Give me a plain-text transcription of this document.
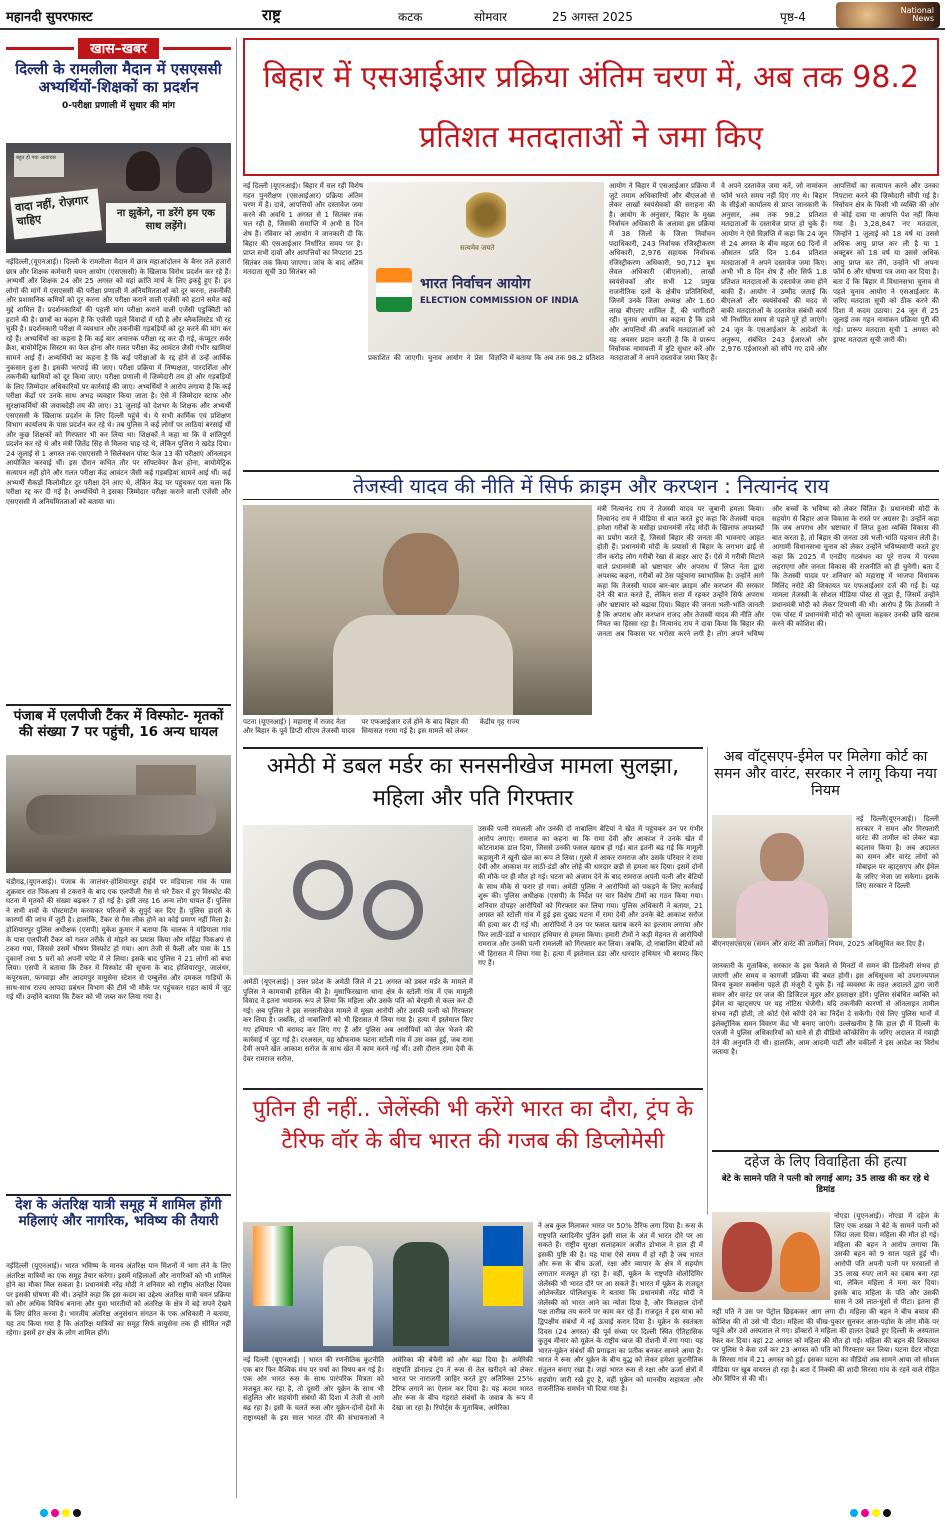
महानदी सुपरफास्ट	राष्ट्र	कटक	सोमवार	25 अगस्त 2025	पृष्ठ-4	National News
खास–खबर
दिल्ली के रामलीला मैदान में एसएससी अभ्यर्थियों-शिक्षकों का प्रदर्शन
0-परीक्षा प्रणाली में सुधार की मांग
बहुत हो गया अत्याचार
वादा नहीं, रोज़गार चाहिए	ना झुकेंगे, ना डरेंगे हम एक साथ लड़ेंगे।
नईदिल्ली,(यूएनआई)। दिल्ली के रामलीला मैदान में छात्र महाआंदोलन के बैनर तले हजारों छात्र और शिक्षक कर्मचारी चयन आयोग (एसएससी) के खिलाफ विरोध प्रदर्शन कर रहे हैं। अभ्यर्थी और शिक्षक 24 और 25 अगस्त को यहां क्रांति मार्च के लिए इकट्ठे हुए हैं। इन लोगों की मांगें में एसएससी की परीक्षा प्रणाली में अनियमितताओं को दूर करना, तकनीकी और प्रशासनिक कमियों को दूर करना और परीक्षा कराने वाली एजेंसी को हटाने समेत कई मुद्दे शामिल हैं। प्रदर्शनकारियों की पहली मांग परीक्षा कराने वाली एजेंसी एडुक्विटी को हटाने की है। छात्रों का कहना है कि एजेंसी पहले विवादों में रही है और ब्लैकलिस्टेड भी रह चुकी है। प्रदर्शनकारी परीक्षा में व्यवधान और तकनीकी गड़बड़ियों को दूर करने की मांग कर रहे हैं। अभ्यर्थियों का कहना है कि कई बार अचानक परीक्षा रद्द कर दी गई, कंप्यूटर सर्वर क्रैश, बायोमेट्रिक सिस्टम का फेल होना और गलत परीक्षा केंद्र आवंटन जैसी गंभीर खामियां सामने आई हैं। अभ्यर्थियों का कहना है कि कई परीक्षाओं के रद्द होने से उन्हें आर्थिक नुकसान हुआ है। इसकी भरपाई की जाए। परीक्षा प्रक्रिया में निष्पक्षता, पारदर्शिता और तकनीकी खामियों को दूर किया जाए। परीक्षा प्रणाली में जिम्मेदारी तय हो और गड़बड़ियों के लिए जिम्मेदार अधिकारियों पर कार्रवाई की जाए। अभ्यर्थियों ने आरोप लगाया है कि कई परीक्षा केंद्रों पर उनके साथ अभद्र व्यवहार किया जाता है। ऐसे में जिम्मेदार स्टाफ और सुरक्षाकर्मियों की जवाबदेही तय की जाए। 31 जुलाई को देशभर के शिक्षक और अभ्यर्थी एसएससी के खिलाफ प्रदर्शन के लिए दिल्ली पहुंचे थे। ये सभी कार्मिक एवं प्रशिक्षण विभाग कार्यालय के पास प्रदर्शन कर रहे थे। तब पुलिस ने कई लोगों पर लाठियां बरसाई थीं और कुछ शिक्षकों को गिरफ्तार भी कर लिया था। शिक्षकों ने कहा था कि वे शांतिपूर्ण प्रदर्शन कर रहे थे और मंत्री जितेंद्र सिंह से मिलना चाह रहे थे, लेकिन पुलिस ने खदेड़ दिया। 24 जुलाई से 1 अगस्त तक एसएससी ने सिलेक्शन पोस्ट फेज 13 की परीक्षाएं ऑनलाइन आयोजित करवाई थीं। इस दौरान कथित तौर पर सॉफ्टवेयर क्रैश होना, बायोमेट्रिक सत्यापन नहीं होने और गलत परीक्षा केंद्र आवंटन जैसी कई गड़बड़ियां सामने आई थीं। कई अभ्यर्थी सैकड़ों किलोमीटर दूर परीक्षा देने आए थे, लेकिन केंद्र पर पहुंचकर पता चला कि परीक्षा रद्द कर दी गई है। अभ्यर्थियों ने इसका जिम्मेदार परीक्षा कराने वाली एजेंसी और एसएससी में अनियमितताओं को बताया था।
पंजाब में एलपीजी टैंकर में विस्फोट- मृतकों की संख्या 7 पर पहुंची, 16 अन्य घायल
चंडीगढ़,(यूएनआई)। पंजाब के जालंधर-होशियारपुर हाईवे पर मंडियाला गांव के पास शुक्रवार रात पिकअप से टकराने के बाद एक एलपीजी गैस से भरे टैंकर में हुए विस्फोट की घटना में मृतकों की संख्या बढ़कर 7 हो गई है। इसी तरह 16 अन्य लोग घायल हैं। पुलिस ने सभी शवों के पोस्टमार्टम करवाकर परिजनों के सुपुर्द कर दिए हैं। पुलिस हादसे के कारणों की जांच में जुटी है। हालांकि, टैंकर से गैस लीक होने का कोई प्रमाण नहीं मिला है। होशियारपुर पुलिस अधीक्षक (एसपी) मुकेश कुमार ने बताया कि चालक ने मंडियाला गांव के पास एलपीजी टैंकर को गलत तरीके से मोड़ने का प्रयास किया और महिंद्रा पिकअप से टकरा गया, जिससे उसमें भीषण विस्फोट हो गया। आग तेजी से फैली और पास के 15 दुकानों तथा 5 घरों को अपनी चपेट में ले लिया। इसके बाद पुलिस ने 21 लोगों को बचा लिया। एसपी ने बताया कि टैंकर में विस्फोट की सूचना के बाद होशियारपुर, जालंधर, कपूरथला, फगवाड़ा और आदमपुर वायुसेना स्टेशन से एम्बुलेंस और दमकल गाड़ियों के साथ-साथ राज्य आपदा प्रबंधन विभाग की टीमें भी मौके पर पहुंचकर राहत कार्य में जुट गई थीं। उन्होंने बताया कि टैंकर को भी जब्त कर लिया गया है।
देश के अंतरिक्ष यात्री समूह में शामिल होंगी महिलाएं और नागरिक, भविष्य की तैयारी
नईदिल्ली (यूएनआई)। भारत भविष्य के मानव अंतरिक्ष यान मिशनों में भाग लेने के लिए अंतरिक्ष यात्रियों का एक समूह तैयार करेगा। इसमें महिलाओं और नागरिकों को भी शामिल होने का मौका मिल सकता है। प्रधानमंत्री नरेंद्र मोदी ने शनिवार को राष्ट्रीय अंतरिक्ष दिवस पर इसकी घोषणा की थी। उन्होंने कहा कि इस कदम का उद्देश्य अंतरिक्ष यात्री चयन प्रक्रिया को और अधिक विविध बनाना और युवा भारतीयों को अंतरिक्ष के क्षेत्र में बड़े सपने देखने के लिए प्रेरित करना है। भारतीय अंतरिक्ष अनुसंधान संगठन के एक अधिकारी ने बताया, यह तय किया गया है कि अंतरिक्ष यात्रियों का समूह सिर्फ वायुसेना तक ही सीमित नहीं रहेगा। इसमें हर क्षेत्र के लोग शामिल होंगे।
बिहार में एसआईआर प्रक्रिया अंतिम चरण में, अब तक 98.2 प्रतिशत मतदाताओं ने जमा किए
सत्यमेव जयते
भारत निर्वाचन आयोग
ELECTION COMMISSION OF INDIA
नई दिल्ली (यूएनआई)। बिहार में चल रही विशेष गहन पुनरीक्षण (एसआईआर) प्रक्रिया अंतिम चरण में है। दावे, आपत्तियों और दस्तावेज जमा करने की अवधि 1 अगस्त से 1 सितंबर तक चल रही है, जिसकी समाप्ति में अभी 8 दिन शेष हैं। रविवार को आयोग ने जानकारी दी कि बिहार की एसआईआर निर्धारित समय पर है। प्राप्त सभी दावों और आपत्तियों का निपटारा 25 सितंबर तक किया जाएगा। जांच के बाद अंतिम मतदाता सूची 30 सितंबर को
प्रकाशित की जाएगी। चुनाव आयोग ने प्रेस विज्ञप्ति में बताया कि अब तक 98.2 प्रतिशत मतदाताओं ने अपने दस्तावेज जमा किए हैं।
आयोग ने बिहार में एसआईआर प्रक्रिया में जुटे तमाम अधिकारियों और बीएलओ से लेकर लाखों स्वयंसेवकों की सराहना की है। आयोग के अनुसार, बिहार के मुख्य निर्वाचन अधिकारी के अलावा इस प्रक्रिया में 38 जिलों के जिला निर्वाचन पदाधिकारी, 243 निर्वाचक रजिस्ट्रीकरण अधिकारी, 2,976 सहायक निर्वाचक रजिस्ट्रीकरण अधिकारी, 90,712 बूथ लेवल अधिकारी (बीएलओ), लाखों स्वयंसेवकों और सभी 12 प्रमुख राजनीतिक दलों के क्षेत्रीय प्रतिनिधियों, जिनमें उनके जिला अध्यक्ष और 1.60 लाख बीएलए शामिल हैं, की भागीदारी रही। चुनाव आयोग का कहना है कि दावे और आपत्तियों की अवधि मतदाताओं को यह अवसर प्रदान करती है कि वे प्रारूप निर्वाचक नामावली में त्रुटि सुधार करें और वे अपने दस्तावेज जमा करें, जो नामांकन फॉर्म भरते समय नहीं दिए गए थे। बिहार के सीईओ कार्यालय से प्राप्त जानकारी के अनुसार, अब तक 98.2 प्रतिशत मतदाताओं के दस्तावेज प्राप्त हो चुके हैं। आयोग ने ऐसे विज्ञप्ति में कहा कि 24 जून से 24 अगस्त के बीच महज 60 दिनों में औसतन प्रति दिन 1.64 प्रतिशत मतदाताओं ने अपने दस्तावेज जमा किए। अभी भी 8 दिन शेष हैं और सिर्फ 1.8 प्रतिशत मतदाताओं के दस्तावेज जमा होने बाकी हैं। आयोग ने उम्मीद जताई कि बीएलओ और स्वयंसेवकों की मदद से बाकी मतदाताओं के दस्तावेज संबंधी कार्य भी निर्धारित समय से पहले पूरे हो जाएंगे। 24 जून के एसआईआर के आदेशों के अनुरूप, संबंधित 243 ईआरओ और 2,976 एईआरओ को सौंपे गए दावे और आपत्तियों का सत्यापन करने और उनका निपटारा करने की जिम्मेदारी सौंपी गई है। निर्वाचन क्षेत्र के किसी भी व्यक्ति की ओर से कोई दावा या आपत्ति पेश नहीं किया गया है। 3,28,847 नए मतदाता, जिन्होंने 1 जुलाई को 18 वर्ष या उससे अधिक आयु प्राप्त कर ली है या 1 अक्टूबर को 18 वर्ष या उससे अधिक आयु प्राप्त कर लेंगे, उन्होंने भी अपना फॉर्म 6 और घोषणा पत्र जमा कर दिया है। बता दें कि बिहार में विधानसभा चुनाव से पहले चुनाव आयोग ने एसआईआर के जरिए मतदाता सूची को ठीक करने की दिशा में कदम उठाया। 24 जून से 25 जुलाई तक गहन नामांकन प्रक्रिया पूरी की गई। प्रारूप मतदाता सूची 1 अगस्त को ड्राफ्ट मतदाता सूची जारी की।
तेजस्वी यादव की नीति में सिर्फ क्राइम और करप्शन : नित्यानंद राय
पटना (यूएनआई) | महाराष्ट्र में राजद नेता और बिहार के पूर्व डिप्टी सीएम तेजस्वी यादव पर एफआईआर दर्ज होने के बाद बिहार की सियासत गरमा गई है। इस मामले को लेकर केंद्रीय गृह राज्य
मंत्री नित्यानंद राय ने तेजस्वी यादव पर जुबानी हमला किया। नित्यानंद राय ने मीडिया से बात करते हुए कहा कि तेजस्वी यादव हमेशा गरीबों के मसीहा प्रधानमंत्री नरेंद्र मोदी के खिलाफ अपशब्दों का प्रयोग करते हैं, जिससे बिहार की जनता की भावनाएं आहत होती हैं। प्रधानमंत्री मोदी के प्रयासों से बिहार के लगभग ढाई से तीन करोड़ लोग गरीबी रेखा से बाहर आए हैं। ऐसे में गरीबी मिटाने वाले प्रधानमंत्री को भ्रष्टाचार और अपराध में लिप्त नेता द्वारा अपशब्द कहना, गरीबों को ठेस पहुंचाना स्वाभाविक है। उन्होंने आगे कहा कि तेजस्वी यादव बार-बार क्राइम और करप्शन की सरकार देने की बात करते हैं, लेकिन सत्ता में रहकर उन्होंने सिर्फ अपराध और भ्रष्टाचार को बढ़ावा दिया। बिहार की जनता भली-भांति जानती है कि अपराध और करप्शन राजद और तेजस्वी यादव की नीति और नियत का हिस्सा रहा है। नित्यानंद राय ने दावा किया कि बिहार की जनता अब विकास पर भरोसा करने लगी है। लोग अपने भविष्य और बच्चों के भविष्य को लेकर चिंतित हैं। प्रधानमंत्री मोदी के सहयोग से बिहार आज विकास के रास्ते पर अग्रसर है। उन्होंने कहा कि जब अपराध और भ्रष्टाचार में लिप्त हुआ व्यक्ति विकास की बात करता है, तो बिहार की जनता उसे भली-भांति पहचान लेती है। आगामी विधानसभा चुनाव को लेकर उन्होंने भविष्यवाणी करते हुए कहा कि 2025 में एनडीए गठबंधन का पूरे राज्य में परचम लहराएगा और जनता विकास की राजनीति को ही चुनेगी। बता दें कि तेजस्वी यादव पर शनिवार को महाराष्ट्र में भाजपा विधायक मिलिंद नरोटे की शिकायत पर एफआईआर दर्ज की गई है। यह मामला तेजस्वी के सोशल मीडिया पोस्ट से जुड़ा है, जिसमें उन्होंने प्रधानमंत्री मोदी को लेकर टिप्पणी की थी। आरोप है कि तेजस्वी ने एक पोस्ट में प्रधानमंत्री मोदी को जुमला कहकर उनकी छवि खराब करने की कोशिश की।
अमेठी में डबल मर्डर का सनसनीखेज मामला सुलझा, महिला और पति गिरफ्तार
अमेठी (यूएनआई) | उत्तर प्रदेश के अमेठी जिले में 21 अगस्त को डबल मर्डर के मामले में पुलिस ने कामयाबी हासिल की है। मुसाफिरखाना थाना क्षेत्र के स्टोली गांव में एक मामूली विवाद ने इतना भयानक रूप ले लिया कि महिला और उसके पति को बेरहमी से कत्ल कर दी गई। अब पुलिस ने इस सनसनीखेज मामले में मुख्य आरोपी और उसकी पत्नी को गिरफ्तार कर लिया है। जबकि, दो नाबालिगों को भी हिरासत में लिया गया है। हत्या में इस्तेमाल किए गए हथियार भी बरामद कर लिए गए हैं और पुलिस अब आरोपियों को जेल भेजने की कार्रवाई में जुट गई है। दरअसल, यह खौफनाक घटना स्टोली गांव में उस वक्त हुई, जब रामा देवी अपने खेत आकाश सरोज के साथ खेत में काम करने गई थीं। उसी दौरान रामा देवी के देवर रामराज सरोज,
उसकी पत्नी रामलली और उनकी दो नाबालिग बेटियां ने खेत में पहुंचकर उन पर गंभीर आरोप लगाए। रामराज का कहना था कि रामा देवी और आकाश ने उनके खेत में कोटनाशक डाल दिया, जिससे उनकी फसल खराब हो गई। बात इतनी बढ़ गई कि मामूली कहासुनी ने खूनी खेल का रूप ले लिया। गुस्से में आकर रामराज और उसके परिवार ने रामा देवी और आकाश पर लाठी-डंडों और लोहे की धारदार छड़ी से हमला कर दिया। इसमें दोनों की मौके पर ही मौत हो गई। घटना को अंजाम देने के बाद रामराज अपनी पत्नी और बेटियों के साथ मौके से फरार हो गया। अमेठी पुलिस ने आरोपियों को पकड़ने के लिए कार्रवाई शुरू की। पुलिस अधीक्षक (एसपी) के निर्देश पर चार विशेष टीमों का गठन किया गया। शनिवार दोपहर आरोपियों को गिरफ्तार कर लिया गया। पुलिस अधिकारी ने बताया, 21 अगस्त को स्टोली गांव में हुई इस दुखद घटना में रामा देवी और उनके बेटे आकाश सरोज की हत्या कर दी गई थी। आरोपियों ने उन पर फसल खराब करने का इल्जाम लगाया और फिर लाठी-डंडों व धारदार हथियार से हमला किया। हमारी टीमों ने कड़ी मेहनत से आरोपियों रामराज और उनकी पत्नी रामलली को गिरफ्तार कर लिया। जबकि, दो नाबालिग बेटियों को भी हिरासत में लिया गया है। हत्या में इस्तेमाल डंडा और धारदार हथियार भी बरामद किए गए हैं।
अब वॉट्सएप-ईमेल पर मिलेगा कोर्ट का समन और वारंट, सरकार ने लागू किया नया नियम
नई दिल्ली(यूएनआई)। दिल्ली सरकार ने समन और गिरफ्तारी वारंट की तामील को लेकर बड़ा बदलाव किया है। अब अदालत का समन और वारंट लोगों को मोबाइल पर व्हाट्सएप और ईमेल के जरिए भेजा जा सकेगा। इसके लिए सरकार ने दिल्ली
बीएनएसएसएस (समन और वारंट की तामील) नियम, 2025 अधिसूचित कर दिए हैं।
जानकारी के मुताबिक, सरकार के इस फैसले से मिनटों में समन की डिलीवरी संभव हो जाएगी और समय व कागजी प्रक्रिया की बचत होगी। इस अधिसूचना को उपराज्यपाल विनय कुमार सक्सेना पहले ही मंजूरी दे चुके हैं। नई व्यवस्था के तहत अदालतें द्वारा जारी समन और वारंट पर जज की डिजिटल मुहर और हस्ताक्षर होंगे। पुलिस संबंधित व्यक्ति को ईमेल या व्हाट्सएप पर यह नोटिस भेजेगी। यदि तकनीकी कारणों से ऑनलाइन तामील संभव नहीं होती, तो कोर्ट ऐसे कॉपी देने का निर्देश दे सकेगी। ऐसे लिए पुलिस थानों में इलेक्ट्रॉनिक समन विवरण केंद्र भी बनाए जाएंगे। उल्लेखनीय है कि हाल ही में दिल्ली के एलजी ने पुलिस अधिकारियों को थाने से ही वीडियो कॉन्फ्रेंसिंग के जरिए अदालत में गवाही देने की अनुमति दी थी। हालांकि, आम आदमी पार्टी और वकीलों ने इस आदेश का विरोध जताया है।
पुतिन ही नहीं.. जेलेंस्की भी करेंगे भारत का दौरा, ट्रंप के टैरिफ वॉर के बीच भारत की गजब की डिप्लोमेसी
ने अब कुल मिलाकर भारत पर 50% टैरिफ लगा दिया है। रूस के राष्ट्रपति व्लादिमीर पुतिन इसी साल के अंत में भारत दौरे पर आ सकते हैं। राष्ट्रीय सुरक्षा सलाहकार अजीत डोभाल ने हाल ही में इसकी पुष्टि की है। यह यात्रा ऐसे समय में हो रही है जब भारत और रूस के बीच ऊर्जा, रक्षा और व्यापार के क्षेत्र में सहयोग लगातार मजबूत हो रहा है। वहीं, यूक्रेन के राष्ट्रपति वोलोदिमिर जेलेंस्की भी भारत दौरे पर आ सकते हैं। भारत में यूक्रेन के राजदूत ओलेक्जेंडर पोलिशचुक ने बताया कि प्रधानमंत्री नरेंद्र मोदी ने जेलेंस्की को भारत आने का न्योता दिया है, और फिलहाल दोनों पक्ष तारीख तय करने पर काम कर रहे हैं। राजदूत ने इस यात्रा को द्विपक्षीय संबंधों में नई ऊंचाई करार दिया है। यूक्रेन के स्वतंत्रता दिवस (24 अगस्त) की पूर्व संध्या पर दिल्ली स्थित ऐतिहासिक कुतुब मीनार को यूक्रेन के राष्ट्रीय ध्वज की रोशनी में रंगा गया। यह भारत-यूक्रेन संबंधों की प्रगाढ़ता का प्रतीक बनकर सामने आया है। भारत ने रूस और यूक्रेन के बीच युद्ध को लेकर हमेशा कूटनीतिक संतुलन बनाए रखा है। जहां भारत रूस से रक्षा और ऊर्जा क्षेत्रों में सहयोग जारी रखे हुए है, वहीं यूक्रेन को मानवीय सहायता और राजनीतिक समर्थन भी दिया गया है।
नई दिल्ली (यूएनआई) | भारत की रणनीतिक कूटनीति एक बार फिर वैश्विक मंच पर चर्चा का विषय बन गई है। एक ओर भारत रूस के साथ पारंपरिक मित्रता को मजबूत कर रहा है, तो दूसरी ओर यूक्रेन के साथ भी संतुलित और सहयोगी संबंधों की दिशा में तेजी से आगे बढ़ रहा है। इसी के चलते रूस और यूक्रेन-दोनों देशों के राष्ट्राध्यक्षों के इस साल भारत दौरे की संभावनाओं ने अमेरिका की बेचैनी को और बढ़ा दिया है। अमेरिकी राष्ट्रपति डोनाल्ड ट्रंप ने रूस से तेल खरीदने को लेकर भारत पर नाराजगी जाहिर करते हुए अतिरिक्त 25% टैरिफ लगाने का ऐलान कर दिया है। यह कदम भारत और रूस के बीच गहराते संबंधों के जवाब के रूप में देखा जा रहा है। रिपोर्ट्स के मुताबिक, अमेरिका
दहेज के लिए विवाहिता की हत्या
बेटे के सामने पति ने पत्नी को लगाई आग; 35 लाख की कर रहे थे डिमांड
नोएडा (यूएनआई)। नोएडा में दहेज के लिए एक शख्स ने बेटे के सामने पत्नी को जिंदा जला दिया। महिला की मौत हो गई। महिला की बहन ने आरोप लगाया कि उसकी बहन को 9 साल पहले हुई थी। आरोपी पति अपनी पत्नी पर घरवालों से 35 लाख रुपए लाने का दबाव बना रहा था, लेकिन महिला ने मना कर दिया। इसके बाद महिला के पति और उसकी सास ने उसे लात-घूंसों से पीटा। इतना ही नहीं पति ने उस पर पेट्रोल छिड़ककर आग लगा दी। महिला की बहन ने बीच बचाव की कोशिश की तो उसे भी पीटा। महिला की चीख-पुकार सुनकर आस-पड़ोस के लोग मौके पर पहुंचे और उसे अस्पताल ले गए। डॉक्टरों ने महिला की हालत देखते हुए दिल्ली के अस्पताल रेफर कर दिया। वहां 22 अगस्त को महिला की मौत हो गई। महिला की बहन की शिकायत पर पुलिस ने केस दर्ज कर 23 अगस्त को पति को गिरफ्तार कर लिया। घटना ग्रेटर नोएडा के सिरसा गांव में 21 अगस्त को हुई। इसका घटना का वीडियो अब सामने आया जो सोशल मीडिया पर खूब वायरल हो रहा है। बता दें निक्की की शादी सिरसा गांव के रहने वाले रोहित और विपिन से की थी।
